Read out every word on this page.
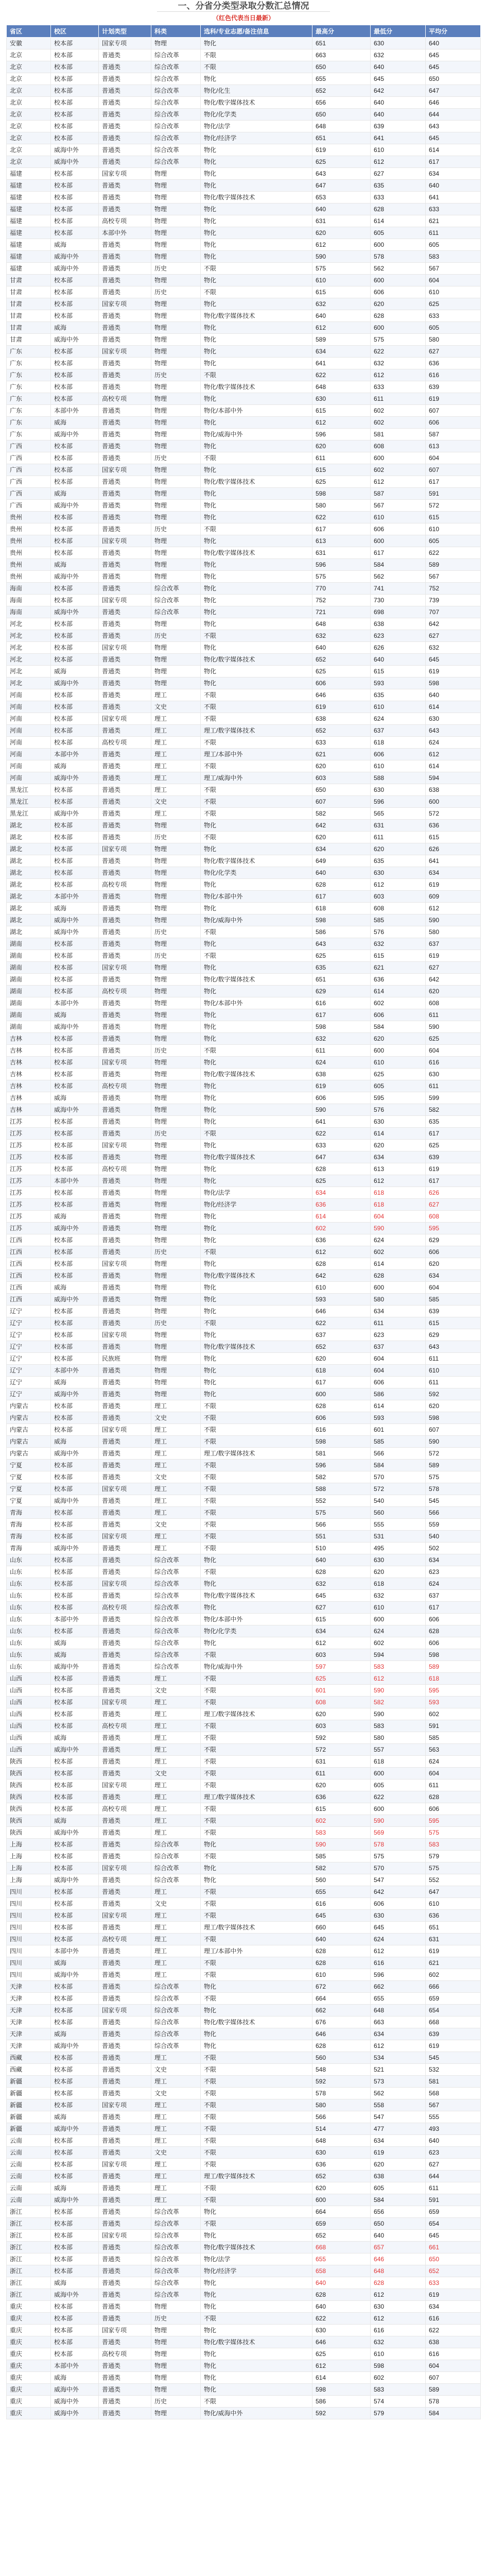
一、分省分类型录取分数汇总情况
（红色代表当日最新）
省区	校区	计划类型	科类	选科/专业志愿/备注信息	最高分	最低分	平均分
安徽	校本部	国家专项	物理	物化	651	630	640
北京	校本部	普通类	综合改革	不限	663	632	645
北京	校本部	普通类	综合改革	不限	650	640	645
北京	校本部	普通类	综合改革	物化	655	645	650
北京	校本部	普通类	综合改革	物化/化生	652	642	647
北京	校本部	普通类	综合改革	物化/数字媒体技术	656	640	646
北京	校本部	普通类	综合改革	物化/化学类	650	640	644
北京	校本部	普通类	综合改革	物化/法学	648	639	643
北京	校本部	普通类	综合改革	物化/经济学	651	641	645
北京	威海中外	普通类	综合改革	物化	619	610	614
北京	威海中外	普通类	综合改革	物化	625	612	617
福建	校本部	国家专项	物理	物化	643	627	634
福建	校本部	普通类	物理	物化	647	635	640
福建	校本部	普通类	物理	物化/数字媒体技术	653	633	641
福建	校本部	普通类	物理	物化	640	628	633
福建	校本部	高校专项	物理	物化	631	614	621
福建	校本部	本部中外	物理	物化	620	605	611
福建	威海	普通类	物理	物化	612	600	605
福建	威海中外	普通类	物理	物化	590	578	583
福建	威海中外	普通类	历史	不限	575	562	567
甘肃	校本部	普通类	物理	物化	610	600	604
甘肃	校本部	普通类	历史	不限	615	606	610
甘肃	校本部	国家专项	物理	物化	632	620	625
甘肃	校本部	普通类	物理	物化/数字媒体技术	640	628	633
甘肃	威海	普通类	物理	物化	612	600	605
甘肃	威海中外	普通类	物理	物化	589	575	580
广东	校本部	国家专项	物理	物化	634	622	627
广东	校本部	普通类	物理	物化	641	632	636
广东	校本部	普通类	历史	不限	622	612	616
广东	校本部	普通类	物理	物化/数字媒体技术	648	633	639
广东	校本部	高校专项	物理	物化	630	611	619
广东	本部中外	普通类	物理	物化/本部中外	615	602	607
广东	威海	普通类	物理	物化	612	602	606
广东	威海中外	普通类	物理	物化/威海中外	596	581	587
广西	校本部	普通类	物理	物化	620	608	613
广西	校本部	普通类	历史	不限	611	600	604
广西	校本部	国家专项	物理	物化	615	602	607
广西	校本部	普通类	物理	物化/数字媒体技术	625	612	617
广西	威海	普通类	物理	物化	598	587	591
广西	威海中外	普通类	物理	物化	580	567	572
贵州	校本部	普通类	物理	物化	622	610	615
贵州	校本部	普通类	历史	不限	617	606	610
贵州	校本部	国家专项	物理	物化	613	600	605
贵州	校本部	普通类	物理	物化/数字媒体技术	631	617	622
贵州	威海	普通类	物理	物化	596	584	589
贵州	威海中外	普通类	物理	物化	575	562	567
海南	校本部	普通类	综合改革	物化	770	741	752
海南	校本部	国家专项	综合改革	物化	752	730	739
海南	威海中外	普通类	综合改革	物化	721	698	707
河北	校本部	普通类	物理	物化	648	638	642
河北	校本部	普通类	历史	不限	632	623	627
河北	校本部	国家专项	物理	物化	640	626	632
河北	校本部	普通类	物理	物化/数字媒体技术	652	640	645
河北	威海	普通类	物理	物化	625	615	619
河北	威海中外	普通类	物理	物化	606	593	598
河南	校本部	普通类	理工	不限	646	635	640
河南	校本部	普通类	文史	不限	619	610	614
河南	校本部	国家专项	理工	不限	638	624	630
河南	校本部	普通类	理工	理工/数字媒体技术	652	637	643
河南	校本部	高校专项	理工	不限	633	618	624
河南	本部中外	普通类	理工	理工/本部中外	621	606	612
河南	威海	普通类	理工	不限	620	610	614
河南	威海中外	普通类	理工	理工/威海中外	603	588	594
黑龙江	校本部	普通类	理工	不限	650	630	638
黑龙江	校本部	普通类	文史	不限	607	596	600
黑龙江	威海中外	普通类	理工	不限	582	565	572
湖北	校本部	普通类	物理	物化	642	631	636
湖北	校本部	普通类	历史	不限	620	611	615
湖北	校本部	国家专项	物理	物化	634	620	626
湖北	校本部	普通类	物理	物化/数字媒体技术	649	635	641
湖北	校本部	普通类	物理	物化/化学类	640	630	634
湖北	校本部	高校专项	物理	物化	628	612	619
湖北	本部中外	普通类	物理	物化/本部中外	617	603	609
湖北	威海	普通类	物理	物化	618	608	612
湖北	威海中外	普通类	物理	物化/威海中外	598	585	590
湖北	威海中外	普通类	历史	不限	586	576	580
湖南	校本部	普通类	物理	物化	643	632	637
湖南	校本部	普通类	历史	不限	625	615	619
湖南	校本部	国家专项	物理	物化	635	621	627
湖南	校本部	普通类	物理	物化/数字媒体技术	651	636	642
湖南	校本部	高校专项	物理	物化	629	614	620
湖南	本部中外	普通类	物理	物化/本部中外	616	602	608
湖南	威海	普通类	物理	物化	617	606	611
湖南	威海中外	普通类	物理	物化	598	584	590
吉林	校本部	普通类	物理	物化	632	620	625
吉林	校本部	普通类	历史	不限	611	600	604
吉林	校本部	国家专项	物理	物化	624	610	616
吉林	校本部	普通类	物理	物化/数字媒体技术	638	625	630
吉林	校本部	高校专项	物理	物化	619	605	611
吉林	威海	普通类	物理	物化	606	595	599
吉林	威海中外	普通类	物理	物化	590	576	582
江苏	校本部	普通类	物理	物化	641	630	635
江苏	校本部	普通类	历史	不限	622	614	617
江苏	校本部	国家专项	物理	物化	633	620	625
江苏	校本部	普通类	物理	物化/数字媒体技术	647	634	639
江苏	校本部	高校专项	物理	物化	628	613	619
江苏	本部中外	普通类	物理	物化	625	612	617
江苏	校本部	普通类	物理	物化/法学	634	618	626
江苏	校本部	普通类	物理	物化/经济学	636	618	627
江苏	威海	普通类	物理	物化	614	604	608
江苏	威海中外	普通类	物理	物化	602	590	595
江西	校本部	普通类	物理	物化	636	624	629
江西	校本部	普通类	历史	不限	612	602	606
江西	校本部	国家专项	物理	物化	628	614	620
江西	校本部	普通类	物理	物化/数字媒体技术	642	628	634
江西	威海	普通类	物理	物化	610	600	604
江西	威海中外	普通类	物理	物化	593	580	585
辽宁	校本部	普通类	物理	物化	646	634	639
辽宁	校本部	普通类	历史	不限	622	611	615
辽宁	校本部	国家专项	物理	物化	637	623	629
辽宁	校本部	普通类	物理	物化/数字媒体技术	652	637	643
辽宁	校本部	民族班	物理	物化	620	604	611
辽宁	本部中外	普通类	物理	物化	618	604	610
辽宁	威海	普通类	物理	物化	617	606	611
辽宁	威海中外	普通类	物理	物化	600	586	592
内蒙古	校本部	普通类	理工	不限	628	614	620
内蒙古	校本部	普通类	文史	不限	606	593	598
内蒙古	校本部	国家专项	理工	不限	616	601	607
内蒙古	威海	普通类	理工	不限	598	585	590
内蒙古	威海中外	普通类	理工	理工/数字媒体技术	581	566	572
宁夏	校本部	普通类	理工	不限	596	584	589
宁夏	校本部	普通类	文史	不限	582	570	575
宁夏	校本部	国家专项	理工	不限	588	572	578
宁夏	威海中外	普通类	理工	不限	552	540	545
青海	校本部	普通类	理工	不限	575	560	566
青海	校本部	普通类	文史	不限	566	555	559
青海	校本部	国家专项	理工	不限	551	531	540
青海	威海中外	普通类	理工	不限	510	495	502
山东	校本部	普通类	综合改革	物化	640	630	634
山东	校本部	普通类	综合改革	不限	628	620	623
山东	校本部	国家专项	综合改革	物化	632	618	624
山东	校本部	普通类	综合改革	物化/数字媒体技术	645	632	637
山东	校本部	高校专项	综合改革	物化	627	610	617
山东	本部中外	普通类	综合改革	物化/本部中外	615	600	606
山东	校本部	普通类	综合改革	物化/化学类	634	624	628
山东	威海	普通类	综合改革	物化	612	602	606
山东	威海	普通类	综合改革	不限	603	594	598
山东	威海中外	普通类	综合改革	物化/威海中外	597	583	589
山西	校本部	普通类	理工	不限	625	612	618
山西	校本部	普通类	文史	不限	601	590	595
山西	校本部	国家专项	理工	不限	608	582	593
山西	校本部	普通类	理工	理工/数字媒体技术	620	590	602
山西	校本部	高校专项	理工	不限	603	583	591
山西	威海	普通类	理工	不限	592	580	585
山西	威海中外	普通类	理工	不限	572	557	563
陕西	校本部	普通类	理工	不限	631	618	624
陕西	校本部	普通类	文史	不限	611	600	604
陕西	校本部	国家专项	理工	不限	620	605	611
陕西	校本部	普通类	理工	理工/数字媒体技术	636	622	628
陕西	校本部	高校专项	理工	不限	615	600	606
陕西	威海	普通类	理工	不限	602	590	595
陕西	威海中外	普通类	理工	不限	583	569	575
上海	校本部	普通类	综合改革	物化	590	578	583
上海	校本部	普通类	综合改革	不限	585	575	579
上海	校本部	国家专项	综合改革	物化	582	570	575
上海	威海中外	普通类	综合改革	物化	560	547	552
四川	校本部	普通类	理工	不限	655	642	647
四川	校本部	普通类	文史	不限	616	606	610
四川	校本部	国家专项	理工	不限	645	630	636
四川	校本部	普通类	理工	理工/数字媒体技术	660	645	651
四川	校本部	高校专项	理工	不限	640	624	631
四川	本部中外	普通类	理工	理工/本部中外	628	612	619
四川	威海	普通类	理工	不限	628	616	621
四川	威海中外	普通类	理工	不限	610	596	602
天津	校本部	普通类	综合改革	物化	672	662	666
天津	校本部	普通类	综合改革	不限	664	655	659
天津	校本部	国家专项	综合改革	物化	662	648	654
天津	校本部	普通类	综合改革	物化/数字媒体技术	676	663	668
天津	威海	普通类	综合改革	物化	646	634	639
天津	威海中外	普通类	综合改革	物化	628	612	619
西藏	校本部	普通类	理工	不限	560	534	545
西藏	校本部	普通类	文史	不限	548	521	532
新疆	校本部	普通类	理工	不限	592	573	581
新疆	校本部	普通类	文史	不限	578	562	568
新疆	校本部	国家专项	理工	不限	580	558	567
新疆	威海	普通类	理工	不限	566	547	555
新疆	威海中外	普通类	理工	不限	514	477	493
云南	校本部	普通类	理工	不限	648	634	640
云南	校本部	普通类	文史	不限	630	619	623
云南	校本部	国家专项	理工	不限	636	620	627
云南	校本部	普通类	理工	理工/数字媒体技术	652	638	644
云南	威海	普通类	理工	不限	620	605	611
云南	威海中外	普通类	理工	不限	600	584	591
浙江	校本部	普通类	综合改革	物化	664	656	659
浙江	校本部	普通类	综合改革	不限	659	650	654
浙江	校本部	国家专项	综合改革	物化	652	640	645
浙江	校本部	普通类	综合改革	物化/数字媒体技术	668	657	661
浙江	校本部	普通类	综合改革	物化/法学	655	646	650
浙江	校本部	普通类	综合改革	物化/经济学	658	648	652
浙江	威海	普通类	综合改革	物化	640	628	633
浙江	威海中外	普通类	综合改革	物化	628	612	619
重庆	校本部	普通类	物理	物化	640	630	634
重庆	校本部	普通类	历史	不限	622	612	616
重庆	校本部	国家专项	物理	物化	630	616	622
重庆	校本部	普通类	物理	物化/数字媒体技术	646	632	638
重庆	校本部	高校专项	物理	物化	625	610	616
重庆	本部中外	普通类	物理	物化	612	598	604
重庆	威海	普通类	物理	物化	614	602	607
重庆	威海中外	普通类	物理	物化	598	583	589
重庆	威海中外	普通类	历史	不限	586	574	578
重庆	威海中外	普通类	物理	物化/威海中外	592	579	584
